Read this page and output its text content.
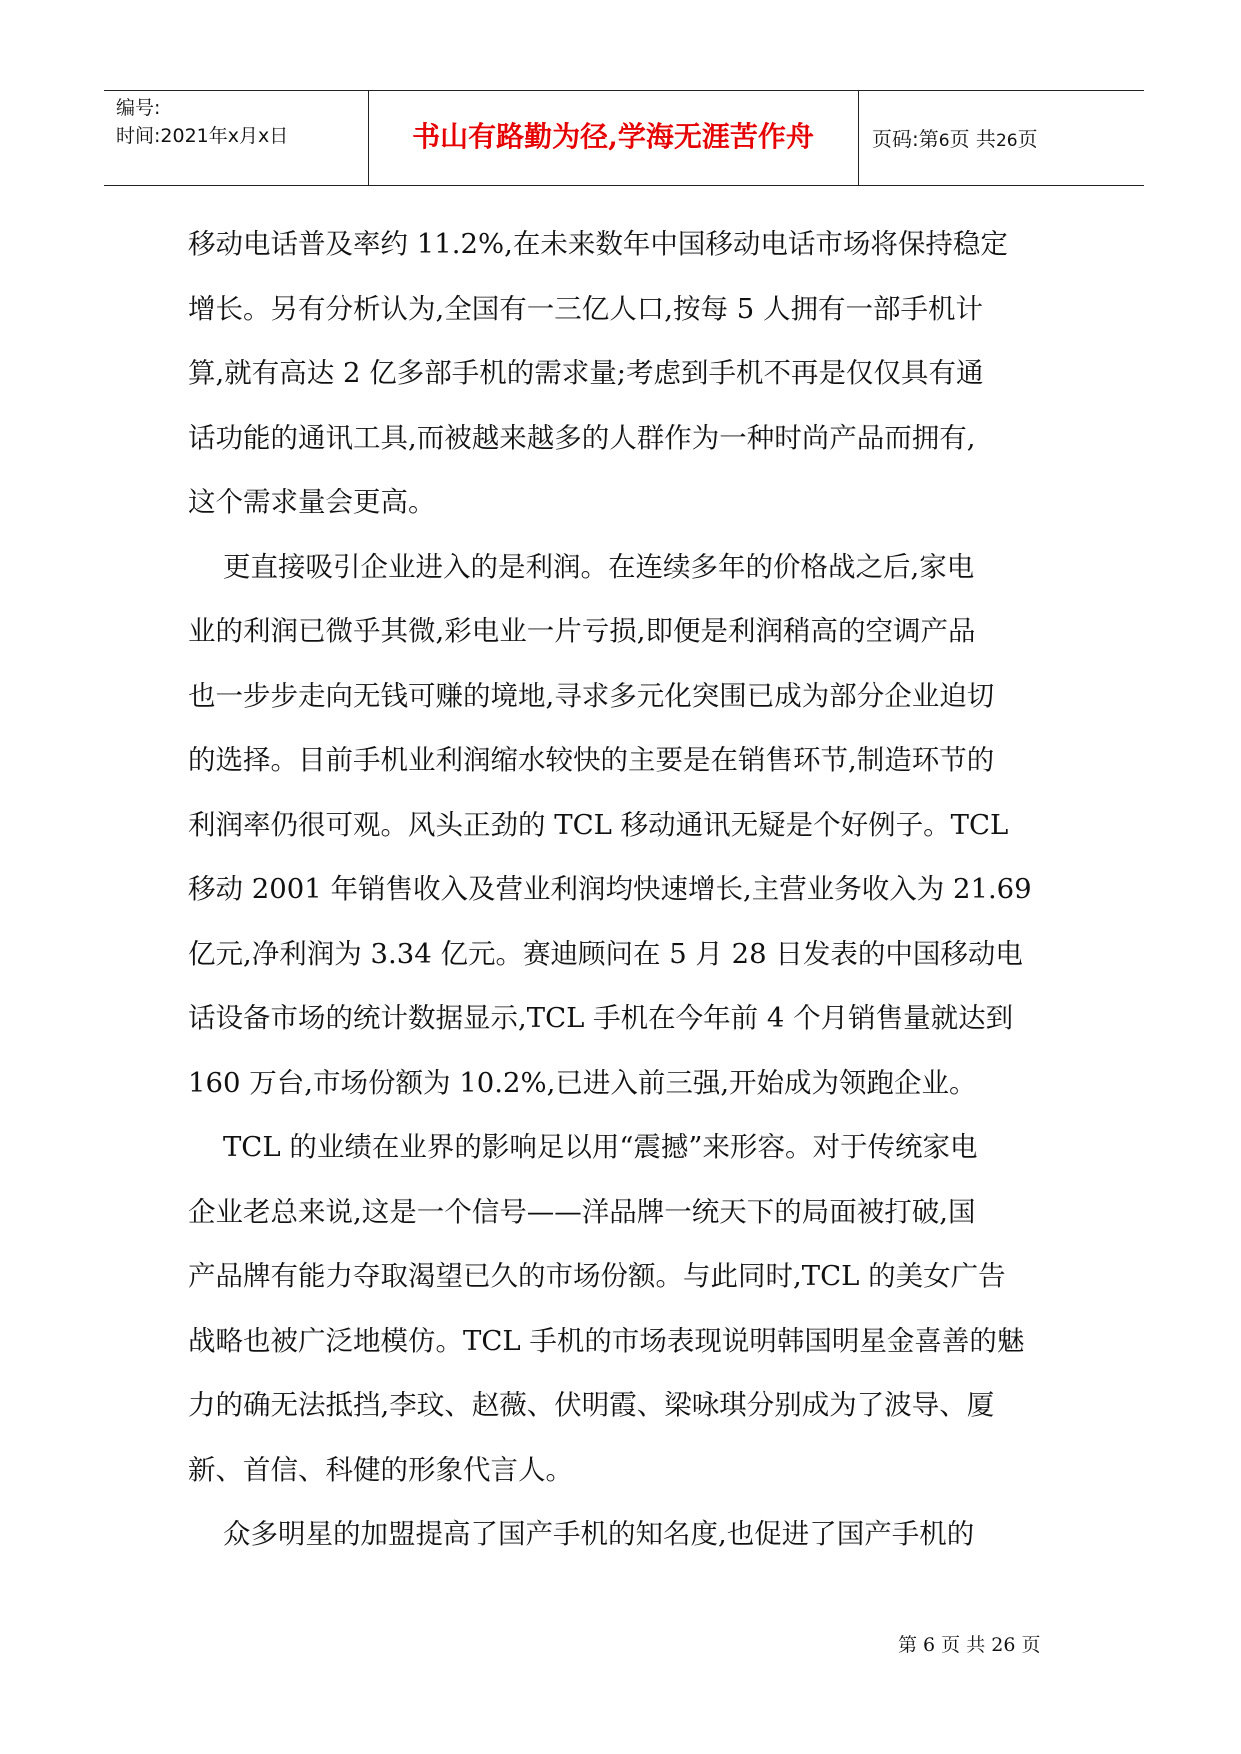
编号:
时间:2021年x月x日	书山有路勤为径,学海无涯苦作舟	页码:第6页 共26页
移动电话普及率约 11.2%,在未来数年中国移动电话市场将保持稳定
增长。另有分析认为,全国有一三亿人口,按每 5 人拥有一部手机计
算,就有高达 2 亿多部手机的需求量;考虑到手机不再是仅仅具有通
话功能的通讯工具,而被越来越多的人群作为一种时尚产品而拥有,
这个需求量会更高。
更直接吸引企业进入的是利润。在连续多年的价格战之后,家电
业的利润已微乎其微,彩电业一片亏损,即便是利润稍高的空调产品
也一步步走向无钱可赚的境地,寻求多元化突围已成为部分企业迫切
的选择。目前手机业利润缩水较快的主要是在销售环节,制造环节的
利润率仍很可观。风头正劲的 TCL 移动通讯无疑是个好例子。TCL
移动 2001 年销售收入及营业利润均快速增长,主营业务收入为 21.69
亿元,净利润为 3.34 亿元。赛迪顾问在 5 月 28 日发表的中国移动电
话设备市场的统计数据显示,TCL 手机在今年前 4 个月销售量就达到
160 万台,市场份额为 10.2%,已进入前三强,开始成为领跑企业。
TCL 的业绩在业界的影响足以用“震撼”来形容。对于传统家电
企业老总来说,这是一个信号——洋品牌一统天下的局面被打破,国
产品牌有能力夺取渴望已久的市场份额。与此同时,TCL 的美女广告
战略也被广泛地模仿。TCL 手机的市场表现说明韩国明星金喜善的魅
力的确无法抵挡,李玟、赵薇、伏明霞、梁咏琪分别成为了波导、厦
新、首信、科健的形象代言人。
众多明星的加盟提高了国产手机的知名度,也促进了国产手机的
第 6 页 共 26 页
